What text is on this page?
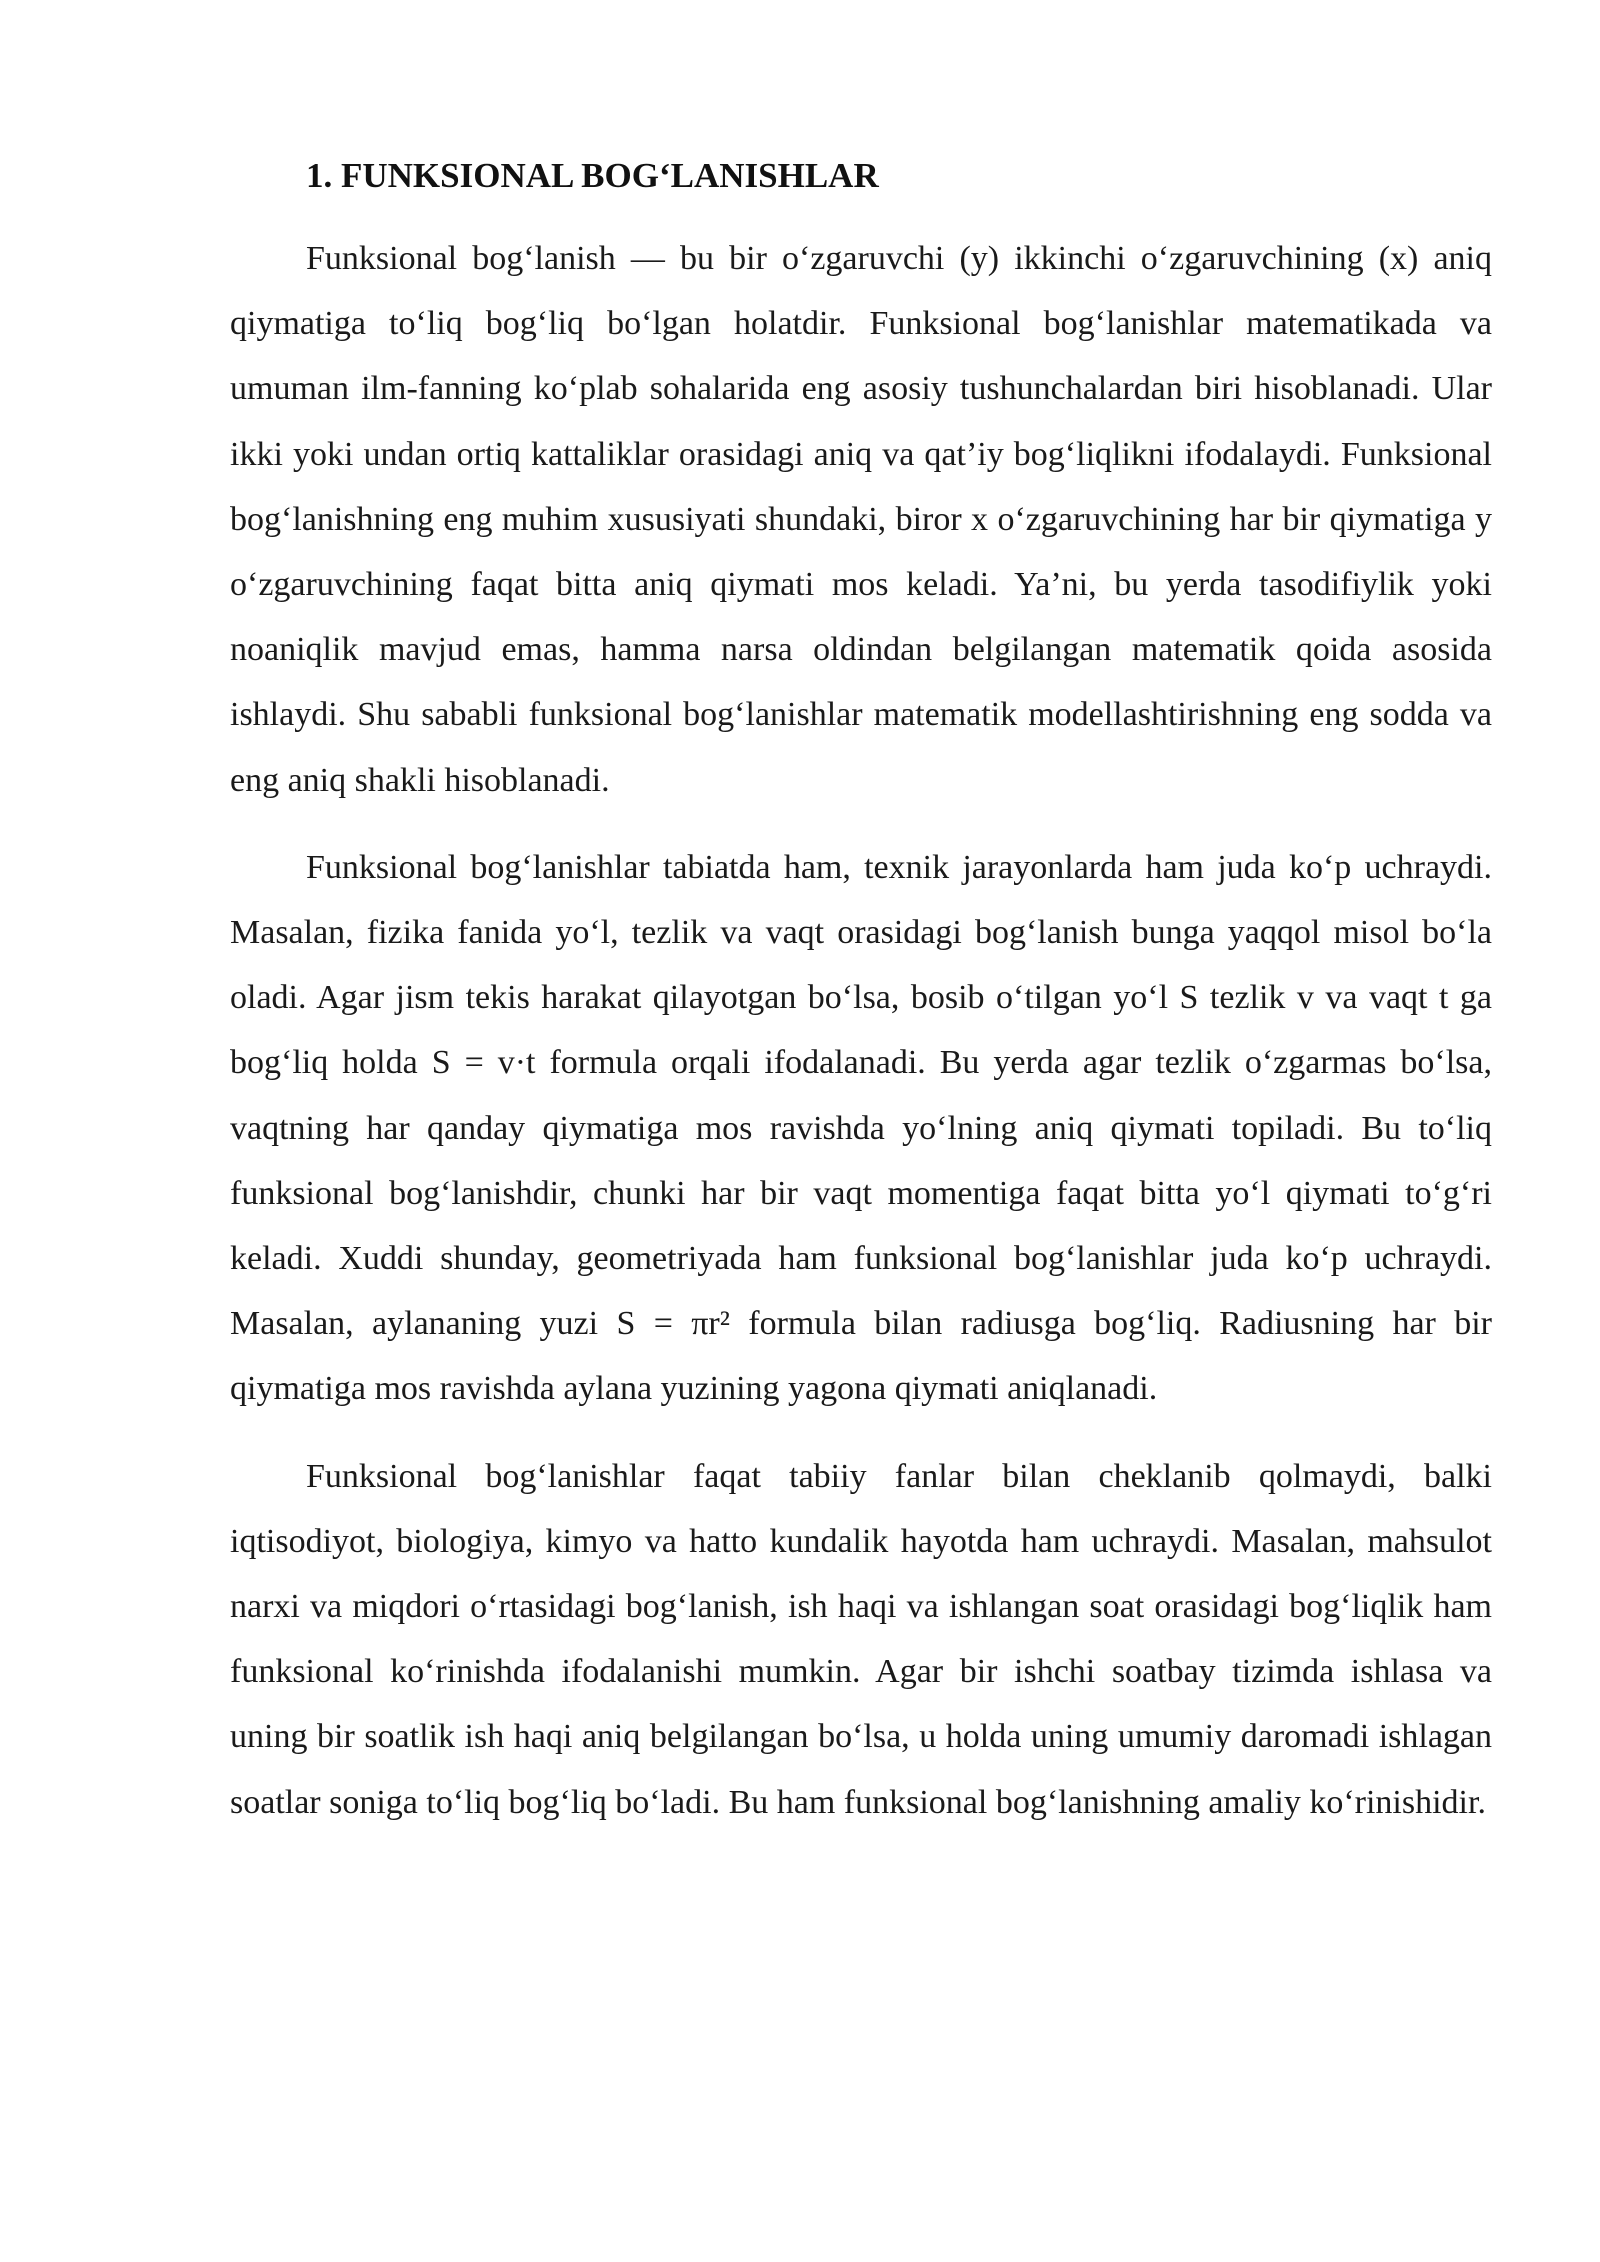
1. FUNKSIONAL BOG‘LANISHLAR

Funksional bog‘lanish — bu bir o‘zgaruvchi (y) ikkinchi o‘zgaruvchining (x) aniq qiymatiga to‘liq bog‘liq bo‘lgan holatdir. Funksional bog‘lanishlar matematikada va umuman ilm-fanning ko‘plab sohalarida eng asosiy tushunchalardan biri hisoblanadi. Ular ikki yoki undan ortiq kattaliklar orasidagi aniq va qat’iy bog‘liqlikni ifodalaydi. Funksional bog‘lanishning eng muhim xususiyati shundaki, biror x o‘zgaruvchining har bir qiymatiga y o‘zgaruvchining faqat bitta aniq qiymati mos keladi. Ya’ni, bu yerda tasodifiylik yoki noaniqlik mavjud emas, hamma narsa oldindan belgilangan matematik qoida asosida ishlaydi. Shu sababli funksional bog‘lanishlar matematik modellashtirishning eng sodda va eng aniq shakli hisoblanadi.

Funksional bog‘lanishlar tabiatda ham, texnik jarayonlarda ham juda ko‘p uchraydi. Masalan, fizika fanida yo‘l, tezlik va vaqt orasidagi bog‘lanish bunga yaqqol misol bo‘la oladi. Agar jism tekis harakat qilayotgan bo‘lsa, bosib o‘tilgan yo‘l S tezlik v va vaqt t ga bog‘liq holda S = v·t formula orqali ifodalanadi. Bu yerda agar tezlik o‘zgarmas bo‘lsa, vaqtning har qanday qiymatiga mos ravishda yo‘lning aniq qiymati topiladi. Bu to‘liq funksional bog‘lanishdir, chunki har bir vaqt momentiga faqat bitta yo‘l qiymati to‘g‘ri keladi. Xuddi shunday, geometriyada ham funksional bog‘lanishlar juda ko‘p uchraydi. Masalan, aylananing yuzi S = πr² formula bilan radiusga bog‘liq. Radiusning har bir qiymatiga mos ravishda aylana yuzining yagona qiymati aniqlanadi.

Funksional bog‘lanishlar faqat tabiiy fanlar bilan cheklanib qolmaydi, balki iqtisodiyot, biologiya, kimyo va hatto kundalik hayotda ham uchraydi. Masalan, mahsulot narxi va miqdori o‘rtasidagi bog‘lanish, ish haqi va ishlangan soat orasidagi bog‘liqlik ham funksional ko‘rinishda ifodalanishi mumkin. Agar bir ishchi soatbay tizimda ishlasa va uning bir soatlik ish haqi aniq belgilangan bo‘lsa, u holda uning umumiy daromadi ishlagan soatlar soniga to‘liq bog‘liq bo‘ladi. Bu ham funksional bog‘lanishning amaliy ko‘rinishidir.
